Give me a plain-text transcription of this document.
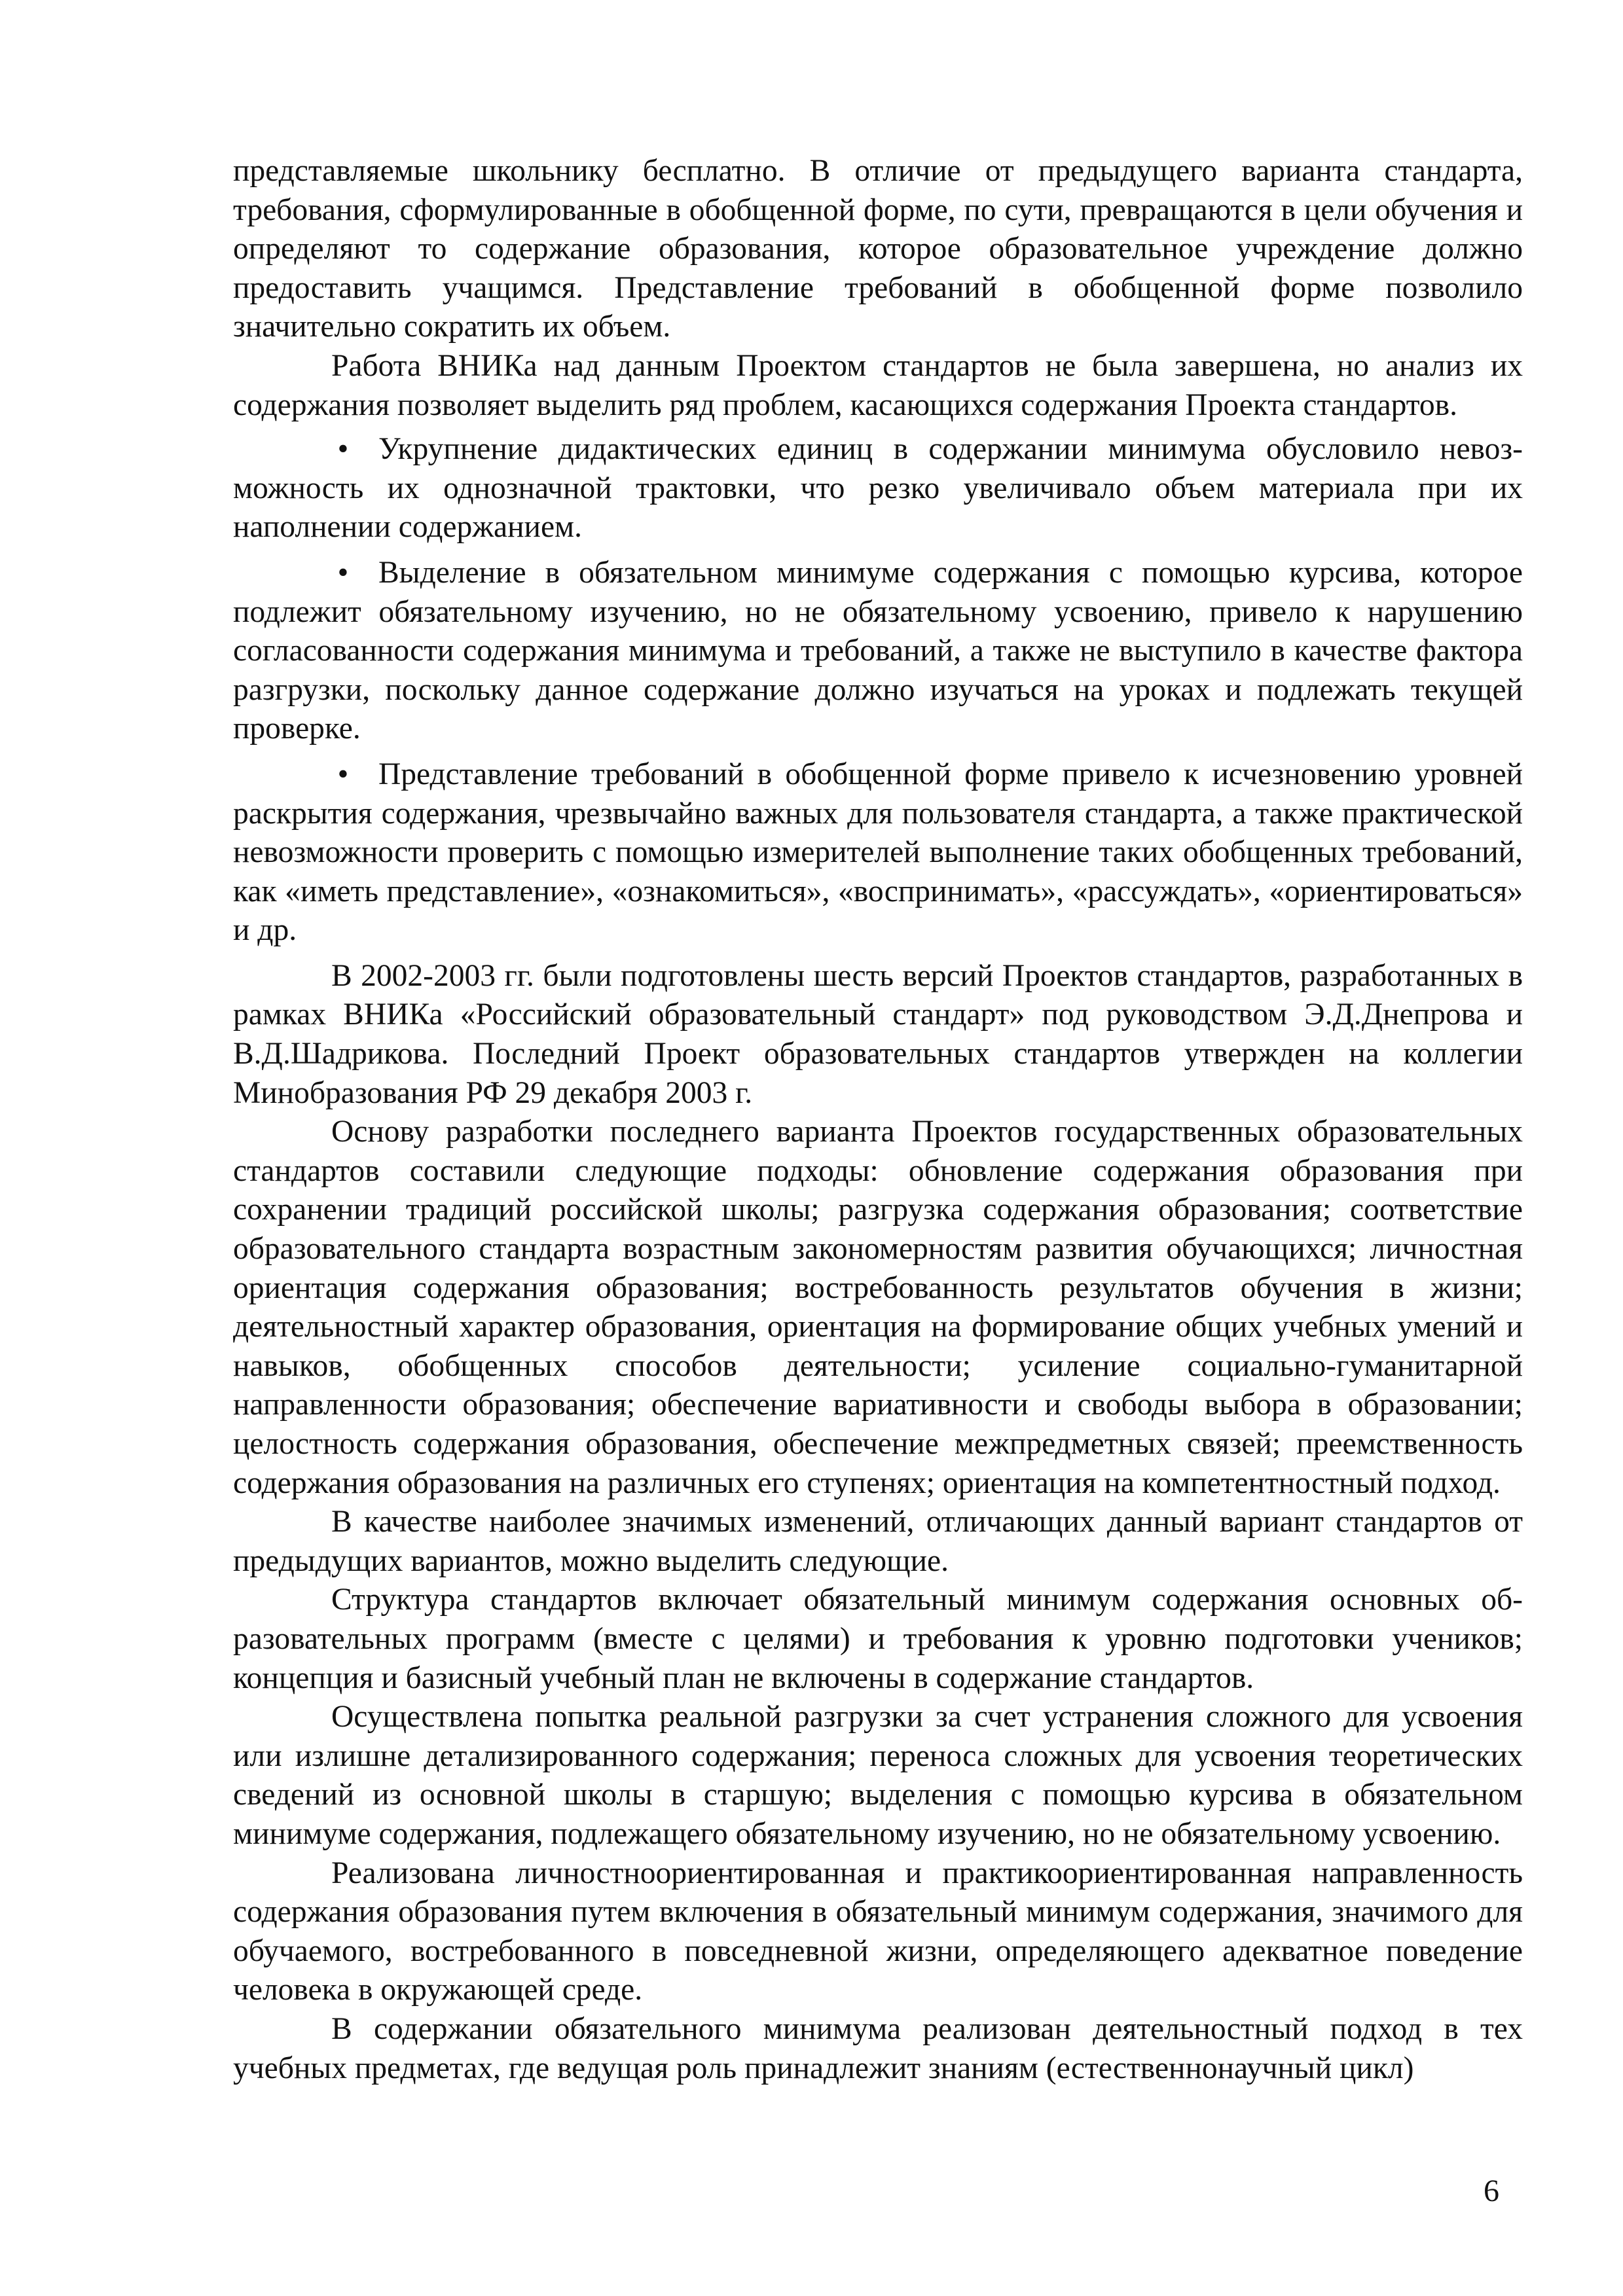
представляемые школьнику бесплатно. В отличие от предыдущего варианта стандарта, требования, сформулированные в обобщенной форме, по сути, превращаются в цели обучения и определяют то содержание образования, которое образовательное учреждение должно предоставить учащимся. Представление требований в обобщенной форме позволило значительно сократить их объем.

Работа ВНИКа над данным Проектом стандартов не была завершена, но анализ их содержания позволяет выделить ряд проблем, касающихся содержания Проекта стандартов.

• Укрупнение дидактических единиц в содержании минимума обусловило невозможность их однозначной трактовки, что резко увеличивало объем материала при их наполнении содержанием.
• Выделение в обязательном минимуме содержания с помощью курсива, которое подлежит обязательному изучению, но не обязательному усвоению, привело к нарушению согласованности содержания минимума и требований, а также не выступило в качестве фактора разгрузки, поскольку данное содержание должно изучаться на уроках и подлежать текущей проверке.
• Представление требований в обобщенной форме привело к исчезновению уровней раскрытия содержания, чрезвычайно важных для пользователя стандарта, а также практической невозможности проверить с помощью измерителей выполнение таких обобщенных требований, как «иметь представление», «ознакомиться», «воспринимать», «рассуждать», «ориентироваться» и др.

В 2002-2003 гг. были подготовлены шесть версий Проектов стандартов, разработанных в рамках ВНИКа «Российский образовательный стандарт» под руководством Э.Д.Днепрова и В.Д.Шадрикова. Последний Проект образовательных стандартов утвержден на коллегии Минобразования РФ 29 декабря 2003 г.

Основу разработки последнего варианта Проектов государственных образовательных стандартов составили следующие подходы: обновление содержания образования при сохранении традиций российской школы; разгрузка содержания образования; соответствие образовательного стандарта возрастным закономерностям развития обучающихся; личностная ориентация содержания образования; востребованность результатов обучения в жизни; деятельностный характер образования, ориентация на формирование общих учебных умений и навыков, обобщенных способов деятельности; усиление социально-гуманитарной направленности образования; обеспечение вариативности и свободы выбора в образовании; целостность содержания образования, обеспечение межпредметных связей; преемственность содержания образования на различных его ступенях; ориентация на компетентностный подход.

В качестве наиболее значимых изменений, отличающих данный вариант стандартов от предыдущих вариантов, можно выделить следующие.

Структура стандартов включает обязательный минимум содержания основных образовательных программ (вместе с целями) и требования к уровню подготовки учеников; концепция и базисный учебный план не включены в содержание стандартов.

Осуществлена попытка реальной разгрузки за счет устранения сложного для усвоения или излишне детализированного содержания; переноса сложных для усвоения теоретических сведений из основной школы в старшую; выделения с помощью курсива в обязательном минимуме содержания, подлежащего обязательному изучению, но не обязательному усвоению.

Реализована личностноориентированная и практикоориентированная направленность содержания образования путем включения в обязательный минимум содержания, значимого для обучаемого, востребованного в повседневной жизни, определяющего адекватное поведение человека в окружающей среде.

В содержании обязательного минимума реализован деятельностный подход в тех учебных предметах, где ведущая роль принадлежит знаниям (естественнонаучный цикл)

6
